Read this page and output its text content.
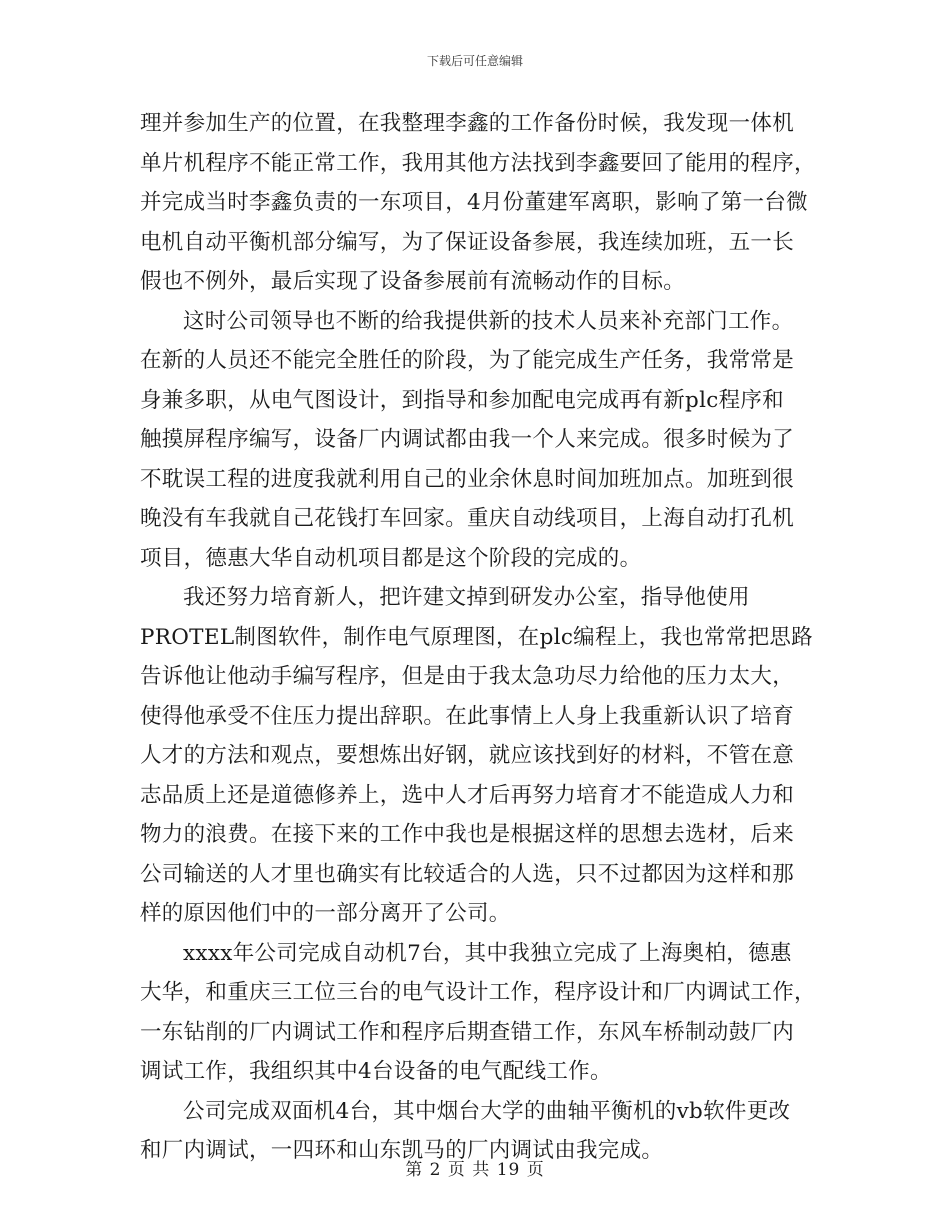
下载后可任意编辑
理并参加生产的位置，在我整理李鑫的工作备份时候，我发现一体机
单片机程序不能正常工作，我用其他方法找到李鑫要回了能用的程序，
并完成当时李鑫负责的一东项目，4月份董建军离职，影响了第一台微
电机自动平衡机部分编写，为了保证设备参展，我连续加班，五一长
假也不例外，最后实现了设备参展前有流畅动作的目标。
这时公司领导也不断的给我提供新的技术人员来补充部门工作。
在新的人员还不能完全胜任的阶段，为了能完成生产任务，我常常是
身兼多职，从电气图设计，到指导和参加配电完成再有新plc程序和
触摸屏程序编写，设备厂内调试都由我一个人来完成。很多时候为了
不耽误工程的进度我就利用自己的业余休息时间加班加点。加班到很
晚没有车我就自己花钱打车回家。重庆自动线项目，上海自动打孔机
项目，德惠大华自动机项目都是这个阶段的完成的。
我还努力培育新人，把许建文掉到研发办公室，指导他使用
PROTEL制图软件，制作电气原理图，在plc编程上，我也常常把思路
告诉他让他动手编写程序，但是由于我太急功尽力给他的压力太大，
使得他承受不住压力提出辞职。在此事情上人身上我重新认识了培育
人才的方法和观点，要想炼出好钢，就应该找到好的材料，不管在意
志品质上还是道德修养上，选中人才后再努力培育才不能造成人力和
物力的浪费。在接下来的工作中我也是根据这样的思想去选材，后来
公司输送的人才里也确实有比较适合的人选，只不过都因为这样和那
样的原因他们中的一部分离开了公司。
xxxx年公司完成自动机7台，其中我独立完成了上海奥柏，德惠
大华，和重庆三工位三台的电气设计工作，程序设计和厂内调试工作，
一东钻削的厂内调试工作和程序后期查错工作，东风车桥制动鼓厂内
调试工作，我组织其中4台设备的电气配线工作。
公司完成双面机4台，其中烟台大学的曲轴平衡机的vb软件更改
和厂内调试，一四环和山东凯马的厂内调试由我完成。
第 2 页 共 19 页
